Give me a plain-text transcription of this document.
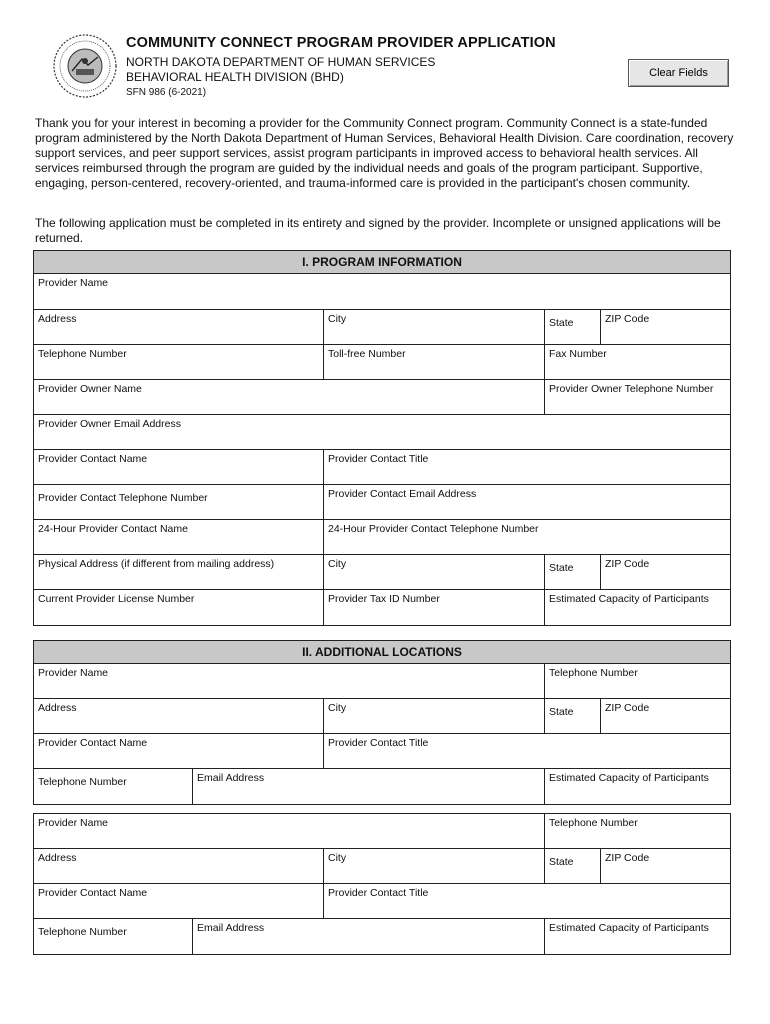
COMMUNITY CONNECT PROGRAM PROVIDER APPLICATION
NORTH DAKOTA DEPARTMENT OF HUMAN SERVICES
BEHAVIORAL HEALTH DIVISION (BHD)
SFN 986 (6-2021)
Clear Fields
Thank you for your interest in becoming a provider for the Community Connect program. Community Connect is a state-funded program administered by the North Dakota Department of Human Services, Behavioral Health Division. Care coordination, recovery support services, and peer support services, assist program participants in improved access to behavioral health services. All services reimbursed through the program are guided by the individual needs and goals of the program participant. Supportive, engaging, person-centered, recovery-oriented, and trauma-informed care is provided in the participant's chosen community.
The following application must be completed in its entirety and signed by the provider. Incomplete or unsigned applications will be returned.
I. PROGRAM INFORMATION
Provider Name
Address	City	State	ZIP Code
Telephone Number	Toll-free Number	Fax Number
Provider Owner Name	Provider Owner Telephone Number
Provider Owner Email Address
Provider Contact Name	Provider Contact Title
Provider Contact Telephone Number	Provider Contact Email Address
24-Hour Provider Contact Name	24-Hour Provider Contact Telephone Number
Physical Address (if different from mailing address)	City	State	ZIP Code
Current Provider License Number	Provider Tax ID Number	Estimated Capacity of Participants
II. ADDITIONAL LOCATIONS
Provider Name	Telephone Number
Address	City	State	ZIP Code
Provider Contact Name	Provider Contact Title
Telephone Number	Email Address	Estimated Capacity of Participants
Provider Name	Telephone Number
Address	City	State	ZIP Code
Provider Contact Name	Provider Contact Title
Telephone Number	Email Address	Estimated Capacity of Participants
